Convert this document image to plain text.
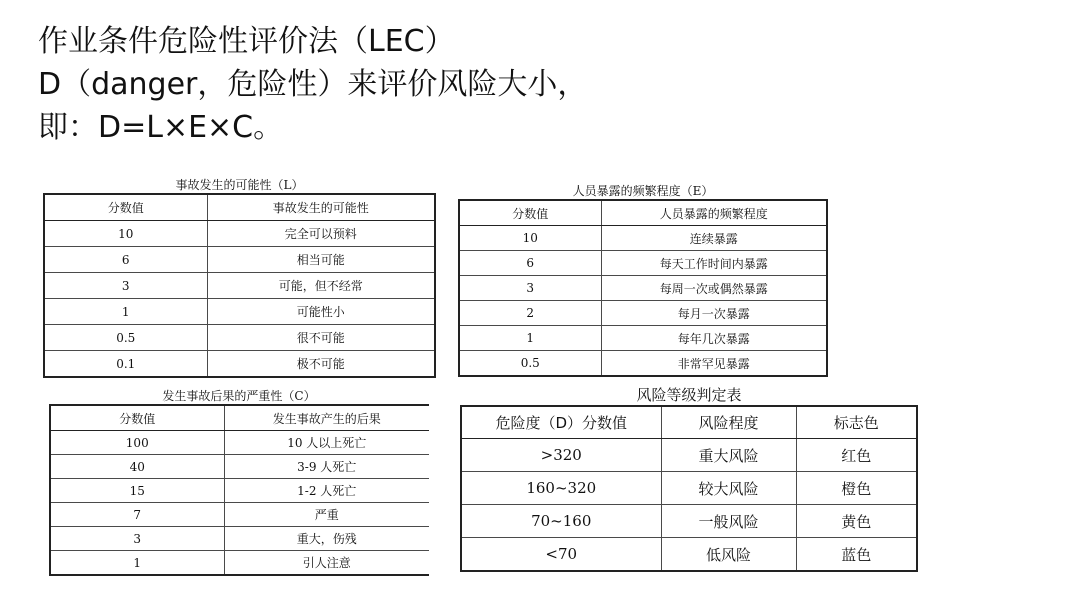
作业条件危险性评价法（LEC）
D（danger，危险性）来评价风险大小，
即：D=L×E×C。
事故发生的可能性（L）
分数值	事故发生的可能性
10	完全可以预料
6	相当可能
3	可能，但不经常
1	可能性小
0.5	很不可能
0.1	极不可能
人员暴露的频繁程度（E）
分数值	人员暴露的频繁程度
10	连续暴露
6	每天工作时间内暴露
3	每周一次或偶然暴露
2	每月一次暴露
1	每年几次暴露
0.5	非常罕见暴露
发生事故后果的严重性（C）
分数值	发生事故产生的后果
100	10 人以上死亡
40	3-9 人死亡
15	1-2 人死亡
7	严重
3	重大，伤残
1	引人注意
风险等级判定表
危险度（D）分数值	风险程度	标志色
>320	重大风险	红色
160~320	较大风险	橙色
70~160	一般风险	黄色
<70	低风险	蓝色
